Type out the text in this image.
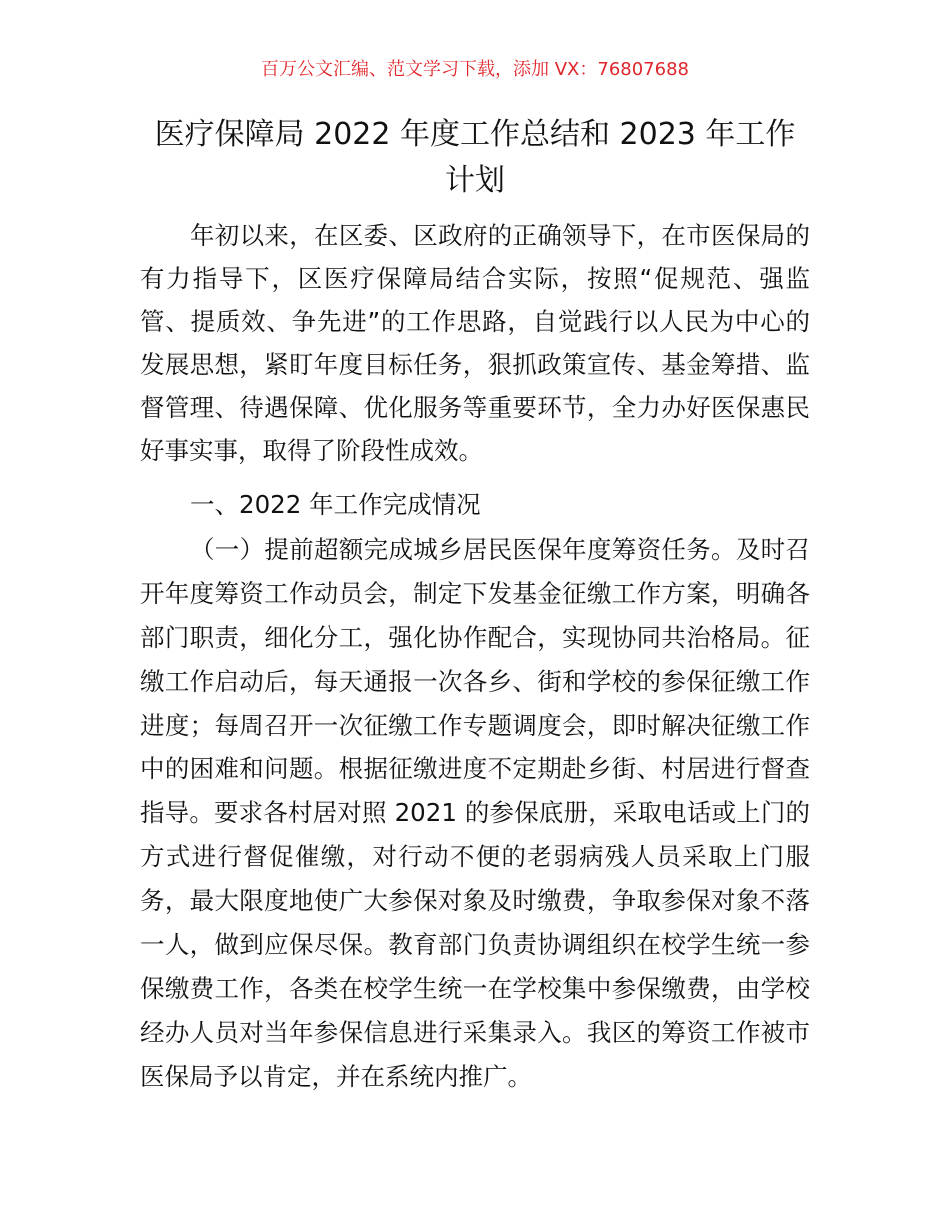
百万公文汇编、范文学习下载，添加 VX：76807688
医疗保障局 2022 年度工作总结和 2023 年工作
计划
年初以来，在区委、区政府的正确领导下，在市医保局的
有力指导下，区医疗保障局结合实际，按照“促规范、强监
管、提质效、争先进”的工作思路，自觉践行以人民为中心的
发展思想，紧盯年度目标任务，狠抓政策宣传、基金筹措、监
督管理、待遇保障、优化服务等重要环节，全力办好医保惠民
好事实事，取得了阶段性成效。
一、2022 年工作完成情况
（一）提前超额完成城乡居民医保年度筹资任务。及时召
开年度筹资工作动员会，制定下发基金征缴工作方案，明确各
部门职责，细化分工，强化协作配合，实现协同共治格局。征
缴工作启动后，每天通报一次各乡、街和学校的参保征缴工作
进度；每周召开一次征缴工作专题调度会，即时解决征缴工作
中的困难和问题。根据征缴进度不定期赴乡街、村居进行督查
指导。要求各村居对照 2021 的参保底册，采取电话或上门的
方式进行督促催缴，对行动不便的老弱病残人员采取上门服
务，最大限度地使广大参保对象及时缴费，争取参保对象不落
一人，做到应保尽保。教育部门负责协调组织在校学生统一参
保缴费工作，各类在校学生统一在学校集中参保缴费，由学校
经办人员对当年参保信息进行采集录入。我区的筹资工作被市
医保局予以肯定，并在系统内推广。
